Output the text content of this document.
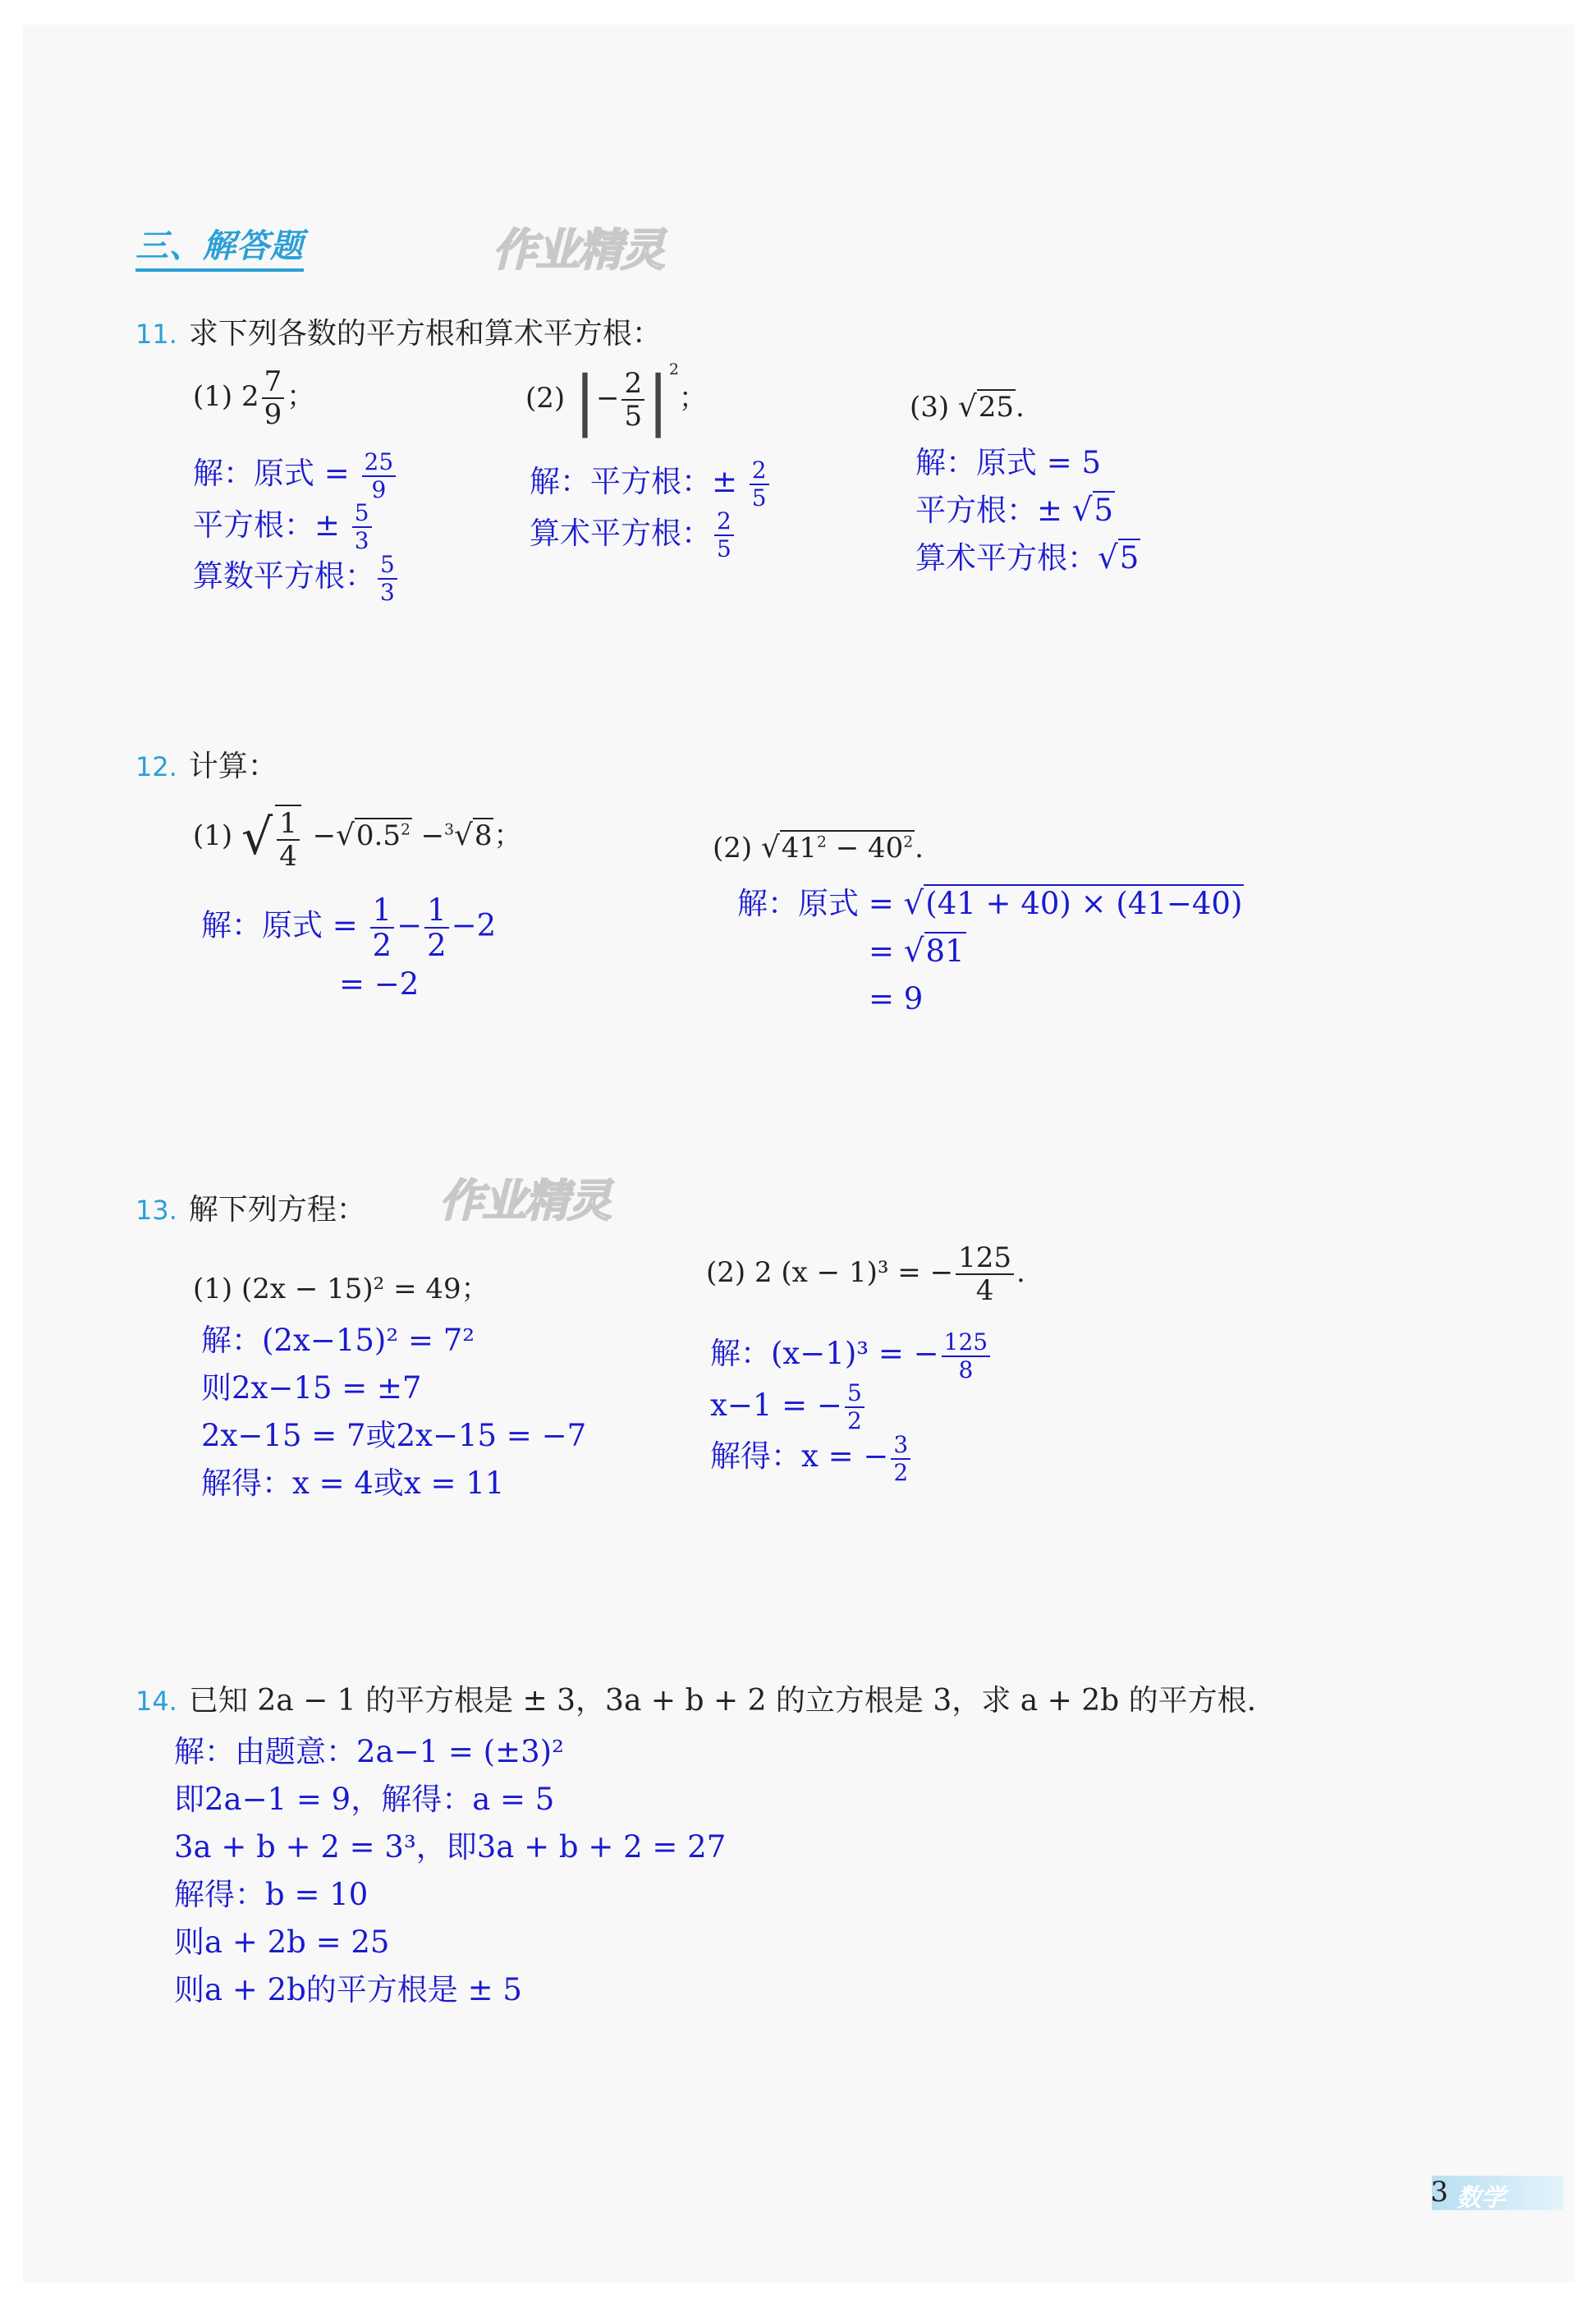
三、解答题	作业精灵
11. 求下列各数的平方根和算术平方根：
(1) $2 \frac{7}{9}$ ；
解：原式 = $\frac{25}{9}$
平方根：± $\frac{5}{3}$
算数平方根： $\frac{5}{3}$
(2) |− $\frac{2}{5} |^2$；
解：平方根：± $\frac{2}{5}$
算术平方根： $\frac{2}{5}$
(3) √25.
解：原式 = 5
平方根：± √5
算术平方根：√5
12. 计算：
(1) √ $\frac{1}{4} -√0.5^2 -^3√8$；
解：原式 = $\frac{1}{2} - \frac{1}{2} -2$
= −2
(2) $√41^2 - 40^2$.
解：原式 = √(41 + 40) × (41−40)
= √81
= 9
13. 解下列方程： 作业精灵
(1) (2x − 15)² = 49；
解：(2x−15)² = 7²
则2x−15 = ±7
2x−15 = 7或2x−15 = −7
解得：x = 4或x = 11
(2) 2 (x − 1)³ = − $\frac{125}{4}$ .
解：(x−1)³ = − $\frac{125}{8}$
x−1 = − $\frac{5}{2}$
解得：x = − $\frac{3}{2}$
14. 已知 2a − 1 的平方根是 ± 3，3a + b + 2 的立方根是 3，求 a + 2b 的平方根.
解：由题意：2a−1 = (±3)²
即2a−1 = 9，解得：a = 5
3a + b + 2 = 3³，即3a + b + 2 = 27
解得：b = 10
则a + 2b = 25
则a + 2b的平方根是 ± 5
3 数学
